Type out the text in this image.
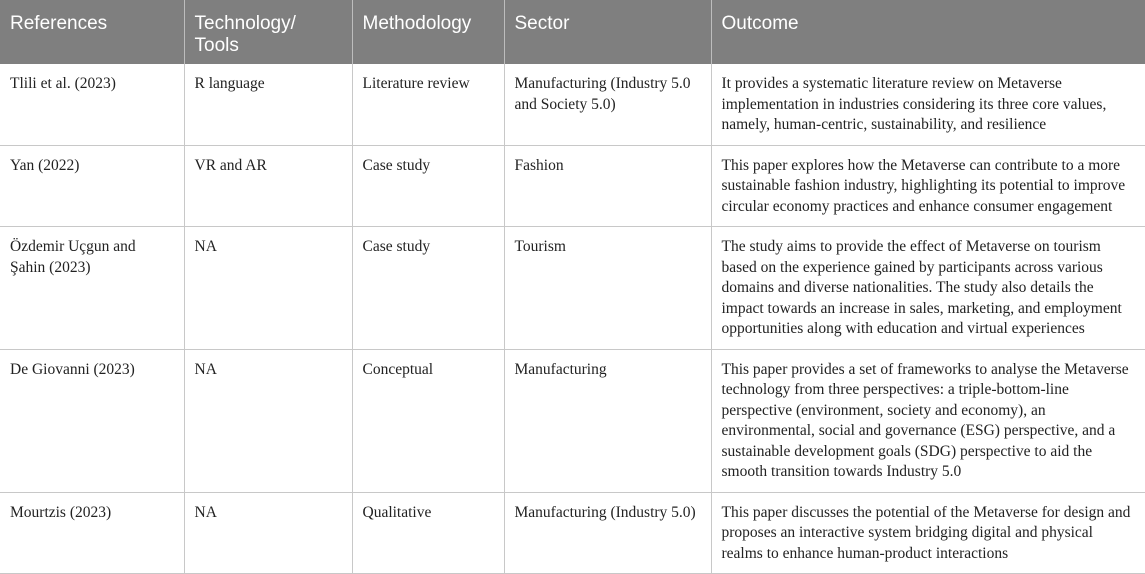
References	Technology/ Tools	Methodology	Sector	Outcome
Tlili et al. (2023)	R language	Literature review	Manufacturing (Industry 5.0 and Society 5.0)	It provides a systematic literature review on Metaverse implementation in industries considering its three core values, namely, human-centric, sustainability, and resilience
Yan (2022)	VR and AR	Case study	Fashion	This paper explores how the Metaverse can contribute to a more sustainable fashion industry, highlighting its potential to improve circular economy practices and enhance consumer engagement
Özdemir Uçgun and Şahin (2023)	NA	Case study	Tourism	The study aims to provide the effect of Metaverse on tourism based on the experience gained by participants across various domains and diverse nationalities. The study also details the impact towards an increase in sales, marketing, and employment opportunities along with education and virtual experiences
De Giovanni (2023)	NA	Conceptual	Manufacturing	This paper provides a set of frameworks to analyse the Metaverse technology from three perspectives: a triple-bottom-line perspective (environment, society and economy), an environmental, social and governance (ESG) perspective, and a sustainable development goals (SDG) perspective to aid the smooth transition towards Industry 5.0
Mourtzis (2023)	NA	Qualitative	Manufacturing (Industry 5.0)	This paper discusses the potential of the Metaverse for design and proposes an interactive system bridging digital and physical realms to enhance human-product interactions
